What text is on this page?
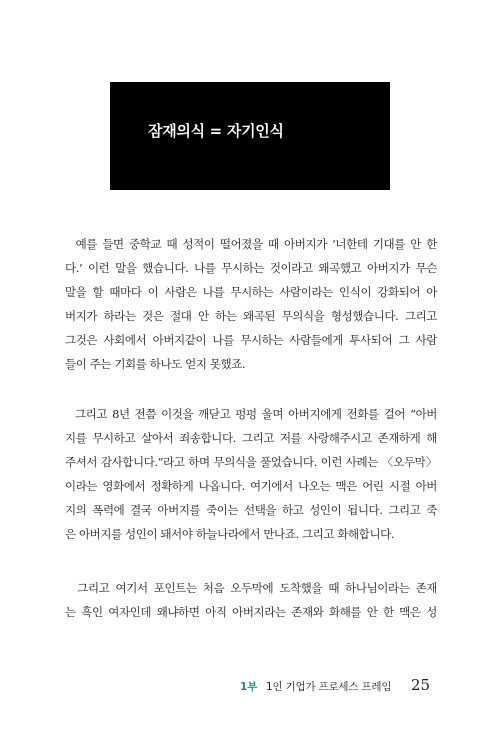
잠재의식 = 자기인식
예를 들면 중학교 때 성적이 떨어졌을 때 아버지가 ‘너한테 기대를 안 한
다.’ 이런 말을 했습니다. 나를 무시하는 것이라고 왜곡했고 아버지가 무슨
말을 할 때마다 이 사람은 나를 무시하는 사람이라는 인식이 강화되어 아
버지가 하라는 것은 절대 안 하는 왜곡된 무의식을 형성했습니다. 그리고
그것은 사회에서 아버지같이 나를 무시하는 사람들에게 투사되어 그 사람
들이 주는 기회를 하나도 얻지 못했죠.
그리고 8년 전쯤 이것을 깨닫고 펑펑 울며 아버지에게 전화를 걸어 “아버
지를 무시하고 살아서 죄송합니다. 그리고 저를 사랑해주시고 존재하게 해
주셔서 감사합니다.”라고 하며 무의식을 풀었습니다. 이런 사례는 〈오두막〉
이라는 영화에서 정확하게 나옵니다. 여기에서 나오는 맥은 어린 시절 아버
지의 폭력에 결국 아버지를 죽이는 선택을 하고 성인이 됩니다. 그리고 죽
은 아버지를 성인이 돼서야 하늘나라에서 만나죠. 그리고 화해합니다.
그리고 여기서 포인트는 처음 오두막에 도착했을 때 하나님이라는 존재
는 흑인 여자인데 왜냐하면 아직 아버지라는 존재와 화해를 안 한 맥은 성
1부 1인 기업가 프로세스 프레임 25
